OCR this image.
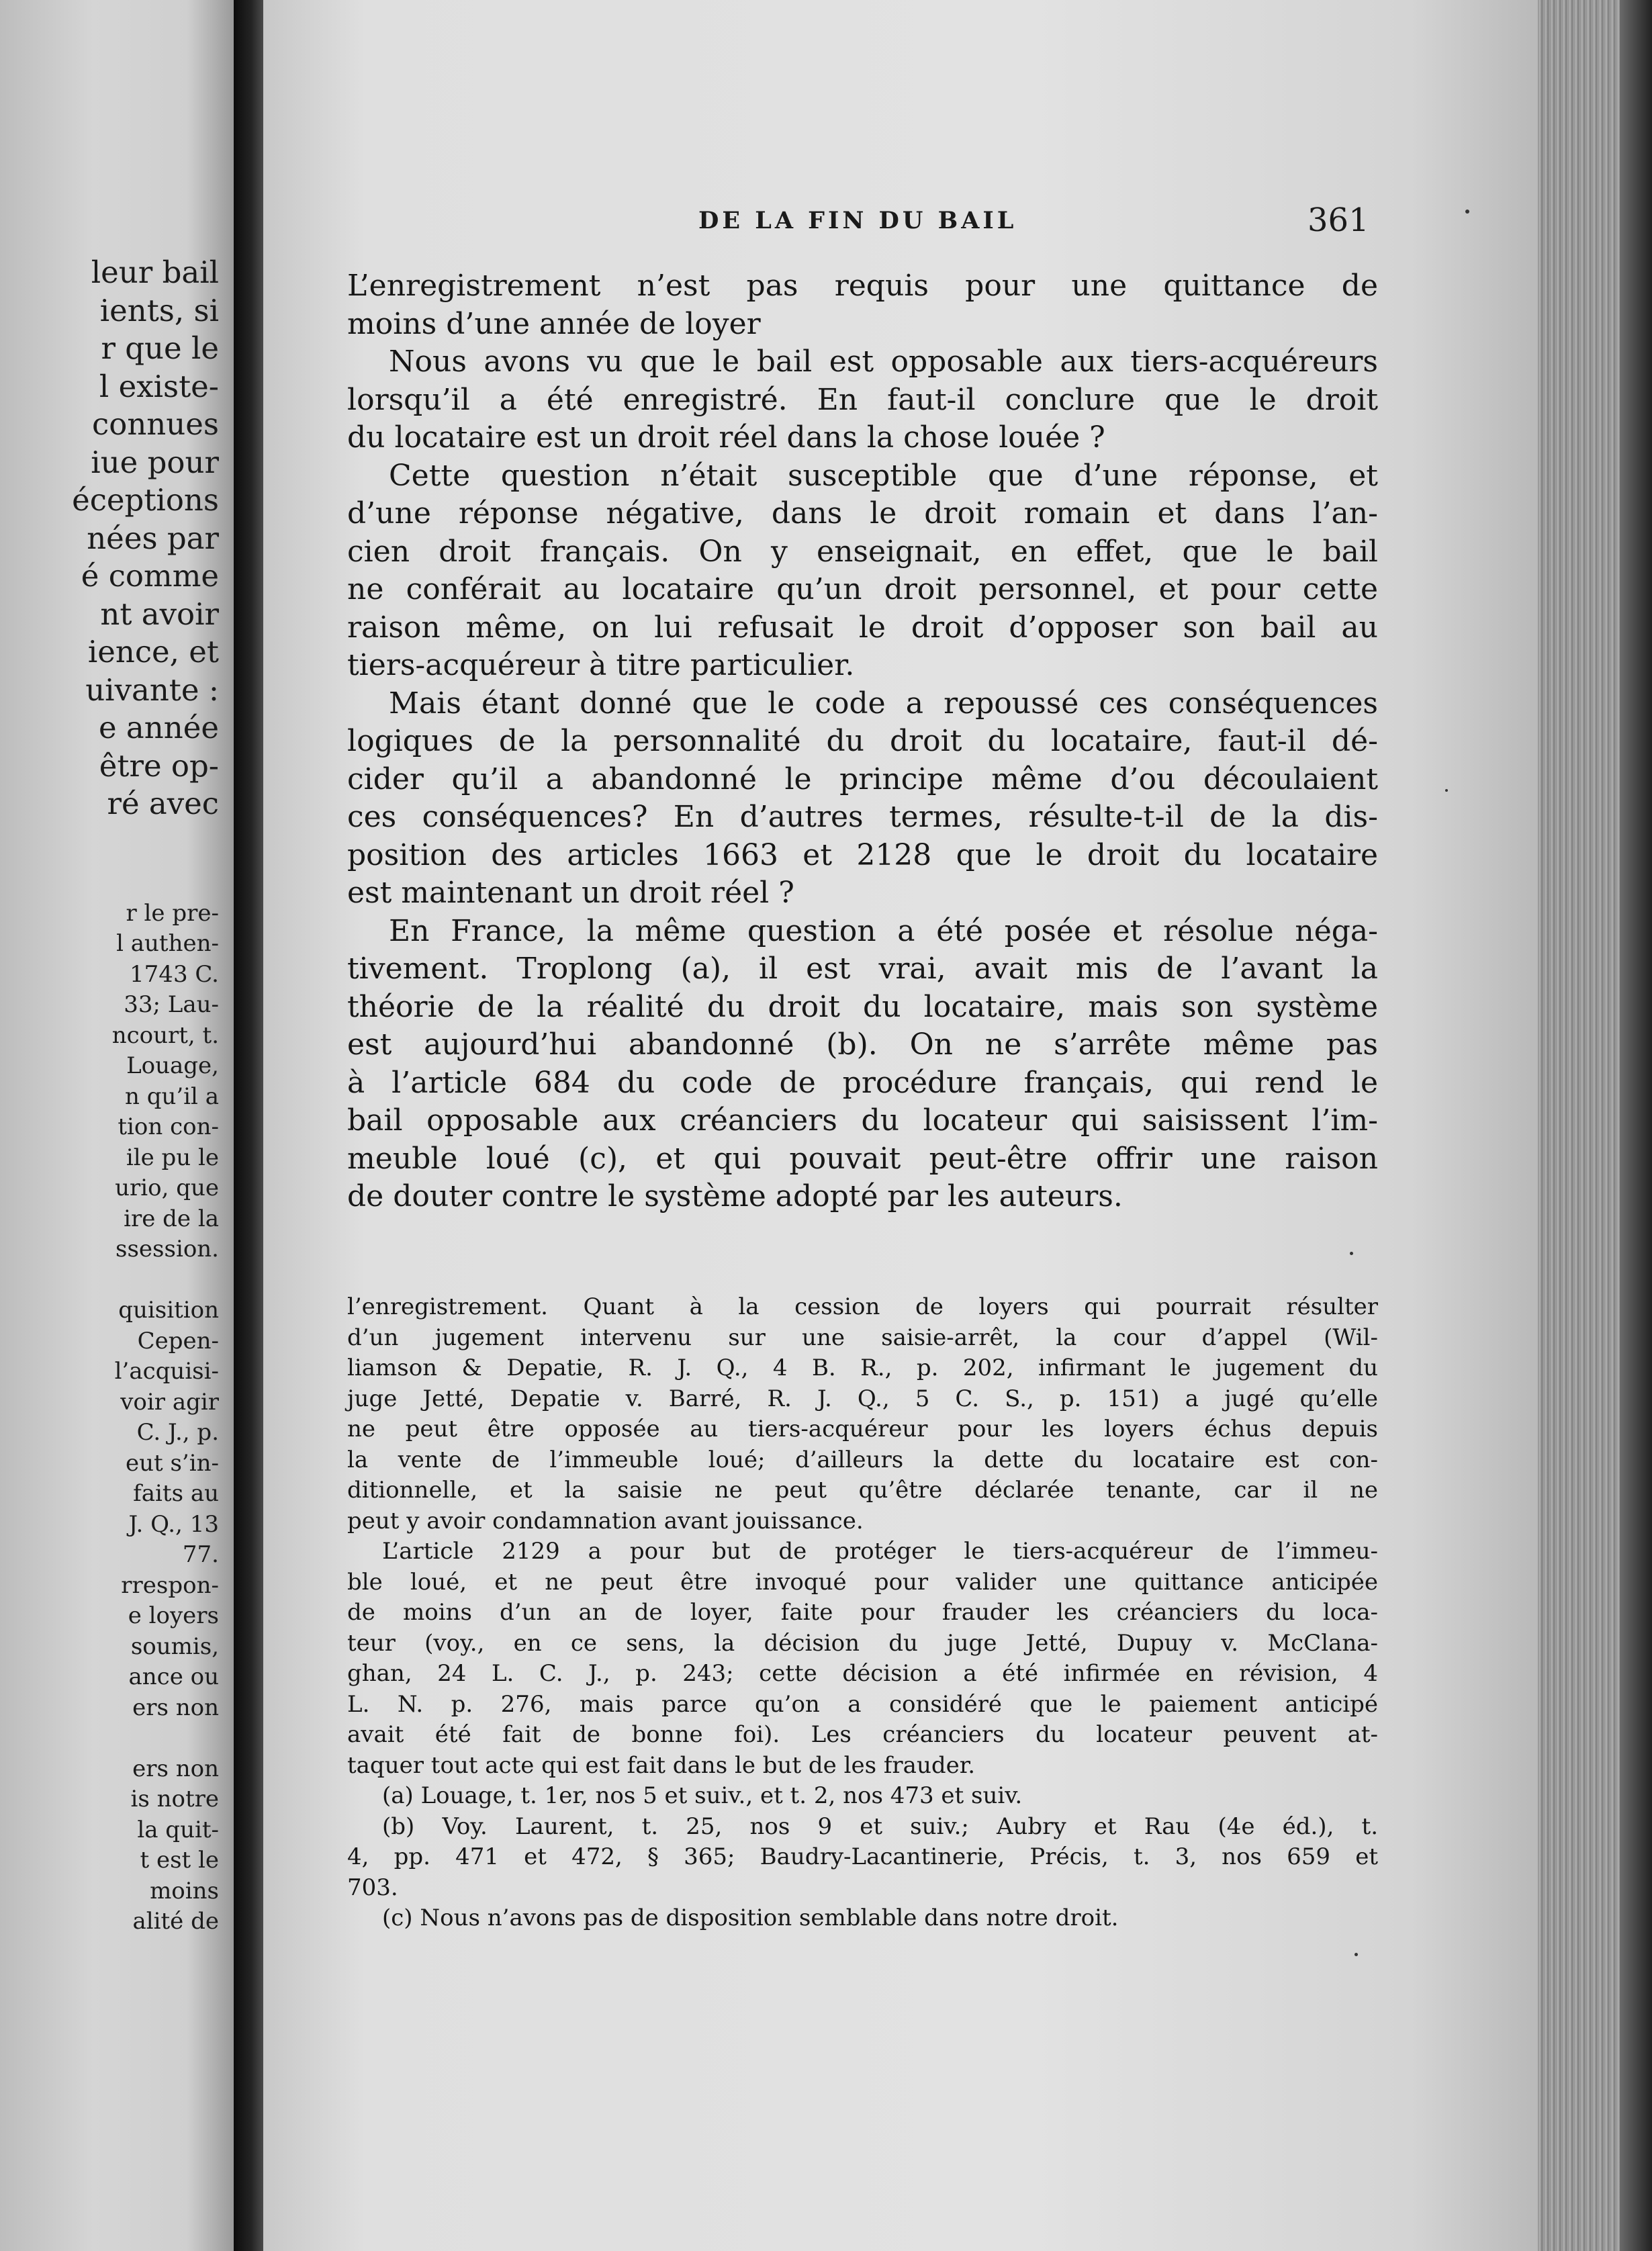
leur bail
ients, si
r que le
l existe-
connues
iue pour
éceptions
nées par
é comme
nt avoir
ience, et
uivante :
e année
être op-
ré avec
r le pre-
l authen-
1743 C.
33; Lau-
ncourt, t.
Louage,
n qu’il a
tion con-
ile pu le
urio, que
ire de la
ssession.

quisition
Cepen-
l’acquisi-
voir agir
C. J., p.
eut s’in-
faits au
J. Q., 13
77.
rrespon-
e loyers
soumis,
ance ou
ers non

ers non
is notre
la quit-
t est le
moins
alité de
DE LA FIN DU BAIL	361
L’enregistrement n’est pas requis pour une quittance de
moins d’une année de loyer
Nous avons vu que le bail est opposable aux tiers-acquéreurs
lorsqu’il a été enregistré. En faut-il conclure que le droit
du locataire est un droit réel dans la chose louée ?
Cette question n’était susceptible que d’une réponse, et
d’une réponse négative, dans le droit romain et dans l’an-
cien droit français. On y enseignait, en effet, que le bail
ne conférait au locataire qu’un droit personnel, et pour cette
raison même, on lui refusait le droit d’opposer son bail au
tiers-acquéreur à titre particulier.
Mais étant donné que le code a repoussé ces conséquences
logiques de la personnalité du droit du locataire, faut-il dé-
cider qu’il a abandonné le principe même d’ou découlaient
ces conséquences? En d’autres termes, résulte-t-il de la dis-
position des articles 1663 et 2128 que le droit du locataire
est maintenant un droit réel ?
En France, la même question a été posée et résolue néga-
tivement. Troplong (a), il est vrai, avait mis de l’avant la
théorie de la réalité du droit du locataire, mais son système
est aujourd’hui abandonné (b). On ne s’arrête même pas
à l’article 684 du code de procédure français, qui rend le
bail opposable aux créanciers du locateur qui saisissent l’im-
meuble loué (c), et qui pouvait peut-être offrir une raison
de douter contre le système adopté par les auteurs.
l’enregistrement. Quant à la cession de loyers qui pourrait résulter
d’un jugement intervenu sur une saisie-arrêt, la cour d’appel (Wil-
liamson & Depatie, R. J. Q., 4 B. R., p. 202, infirmant le jugement du
juge Jetté, Depatie v. Barré, R. J. Q., 5 C. S., p. 151) a jugé qu’elle
ne peut être opposée au tiers-acquéreur pour les loyers échus depuis
la vente de l’immeuble loué; d’ailleurs la dette du locataire est con-
ditionnelle, et la saisie ne peut qu’être déclarée tenante, car il ne
peut y avoir condamnation avant jouissance.
L’article 2129 a pour but de protéger le tiers-acquéreur de l’immeu-
ble loué, et ne peut être invoqué pour valider une quittance anticipée
de moins d’un an de loyer, faite pour frauder les créanciers du loca-
teur (voy., en ce sens, la décision du juge Jetté, Dupuy v. McClana-
ghan, 24 L. C. J., p. 243; cette décision a été infirmée en révision, 4
L. N. p. 276, mais parce qu’on a considéré que le paiement anticipé
avait été fait de bonne foi). Les créanciers du locateur peuvent at-
taquer tout acte qui est fait dans le but de les frauder.
(a) Louage, t. 1er, nos 5 et suiv., et t. 2, nos 473 et suiv.
(b) Voy. Laurent, t. 25, nos 9 et suiv.; Aubry et Rau (4e éd.), t.
4, pp. 471 et 472, § 365; Baudry-Lacantinerie, Précis, t. 3, nos 659 et
703.
(c) Nous n’avons pas de disposition semblable dans notre droit.
